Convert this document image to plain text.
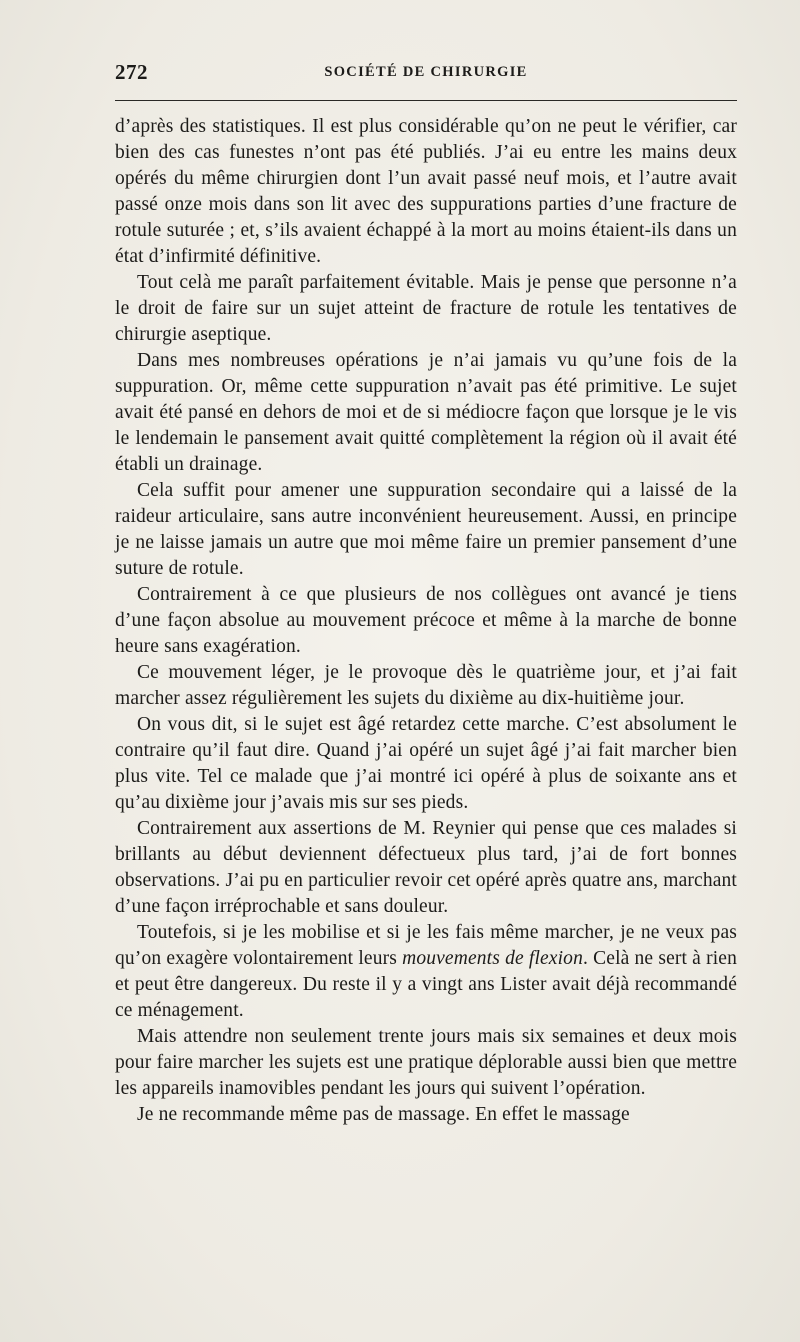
272	SOCIÉTÉ DE CHIRURGIE

d’après des statistiques. Il est plus considérable qu’on ne peut le vérifier, car bien des cas funestes n’ont pas été publiés. J’ai eu entre les mains deux opérés du même chirurgien dont l’un avait passé neuf mois, et l’autre avait passé onze mois dans son lit avec des suppurations parties d’une fracture de rotule suturée ; et, s’ils avaient échappé à la mort au moins étaient-ils dans un état d’infirmité définitive.

Tout celà me paraît parfaitement évitable. Mais je pense que personne n’a le droit de faire sur un sujet atteint de fracture de rotule les tentatives de chirurgie aseptique.

Dans mes nombreuses opérations je n’ai jamais vu qu’une fois de la suppuration. Or, même cette suppuration n’avait pas été primitive. Le sujet avait été pansé en dehors de moi et de si médiocre façon que lorsque je le vis le lendemain le pansement avait quitté complètement la région où il avait été établi un drainage.

Cela suffit pour amener une suppuration secondaire qui a laissé de la raideur articulaire, sans autre inconvénient heureusement. Aussi, en principe je ne laisse jamais un autre que moi même faire un premier pansement d’une suture de rotule.

Contrairement à ce que plusieurs de nos collègues ont avancé je tiens d’une façon absolue au mouvement précoce et même à la marche de bonne heure sans exagération.

Ce mouvement léger, je le provoque dès le quatrième jour, et j’ai fait marcher assez régulièrement les sujets du dixième au dix-huitième jour.

On vous dit, si le sujet est âgé retardez cette marche. C’est absolument le contraire qu’il faut dire. Quand j’ai opéré un sujet âgé j’ai fait marcher bien plus vite. Tel ce malade que j’ai montré ici opéré à plus de soixante ans et qu’au dixième jour j’avais mis sur ses pieds.

Contrairement aux assertions de M. Reynier qui pense que ces malades si brillants au début deviennent défectueux plus tard, j’ai de fort bonnes observations. J’ai pu en particulier revoir cet opéré après quatre ans, marchant d’une façon irréprochable et sans douleur.

Toutefois, si je les mobilise et si je les fais même marcher, je ne veux pas qu’on exagère volontairement leurs mouvements de flexion. Celà ne sert à rien et peut être dangereux. Du reste il y a vingt ans Lister avait déjà recommandé ce ménagement.

Mais attendre non seulement trente jours mais six semaines et deux mois pour faire marcher les sujets est une pratique déplorable aussi bien que mettre les appareils inamovibles pendant les jours qui suivent l’opération.

Je ne recommande même pas de massage. En effet le massage
